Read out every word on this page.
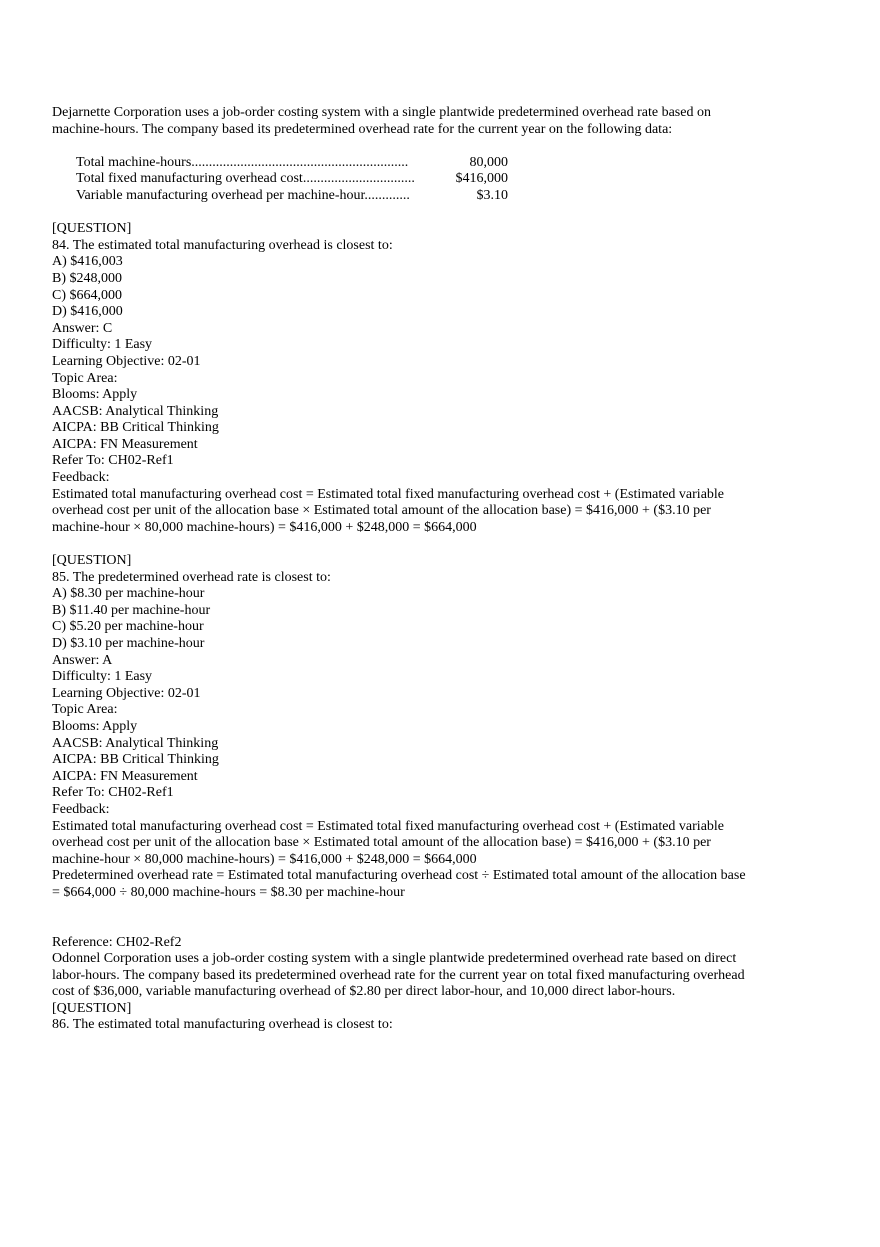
Dejarnette Corporation uses a job-order costing system with a single plantwide predetermined overhead rate based on machine-hours. The company based its predetermined overhead rate for the current year on the following data:

Total machine-hours..............................................................	80,000
Total fixed manufacturing overhead cost................................	$416,000
Variable manufacturing overhead per machine-hour.............	$3.10
[QUESTION]
84. The estimated total manufacturing overhead is closest to:
A) $416,003
B) $248,000
C) $664,000
D) $416,000
Answer: C
Difficulty: 1 Easy
Learning Objective: 02-01
Topic Area:
Blooms: Apply
AACSB: Analytical Thinking
AICPA: BB Critical Thinking
AICPA: FN Measurement
Refer To: CH02-Ref1
Feedback:

Estimated total manufacturing overhead cost = Estimated total fixed manufacturing overhead cost + (Estimated variable overhead cost per unit of the allocation base × Estimated total amount of the allocation base) = $416,000 + ($3.10 per machine-hour × 80,000 machine-hours) = $416,000 + $248,000 = $664,000

[QUESTION]
85. The predetermined overhead rate is closest to:
A) $8.30 per machine-hour
B) $11.40 per machine-hour
C) $5.20 per machine-hour
D) $3.10 per machine-hour
Answer: A
Difficulty: 1 Easy
Learning Objective: 02-01
Topic Area:
Blooms: Apply
AACSB: Analytical Thinking
AICPA: BB Critical Thinking
AICPA: FN Measurement
Refer To: CH02-Ref1
Feedback:

Estimated total manufacturing overhead cost = Estimated total fixed manufacturing overhead cost + (Estimated variable overhead cost per unit of the allocation base × Estimated total amount of the allocation base) = $416,000 + ($3.10 per machine-hour × 80,000 machine-hours) = $416,000 + $248,000 = $664,000

Predetermined overhead rate = Estimated total manufacturing overhead cost ÷ Estimated total amount of the allocation base = $664,000 ÷ 80,000 machine-hours = $8.30 per machine-hour

Reference: CH02-Ref2

Odonnel Corporation uses a job-order costing system with a single plantwide predetermined overhead rate based on direct labor-hours. The company based its predetermined overhead rate for the current year on total fixed manufacturing overhead cost of $36,000, variable manufacturing overhead of $2.80 per direct labor-hour, and 10,000 direct labor-hours.

[QUESTION]
86. The estimated total manufacturing overhead is closest to:
